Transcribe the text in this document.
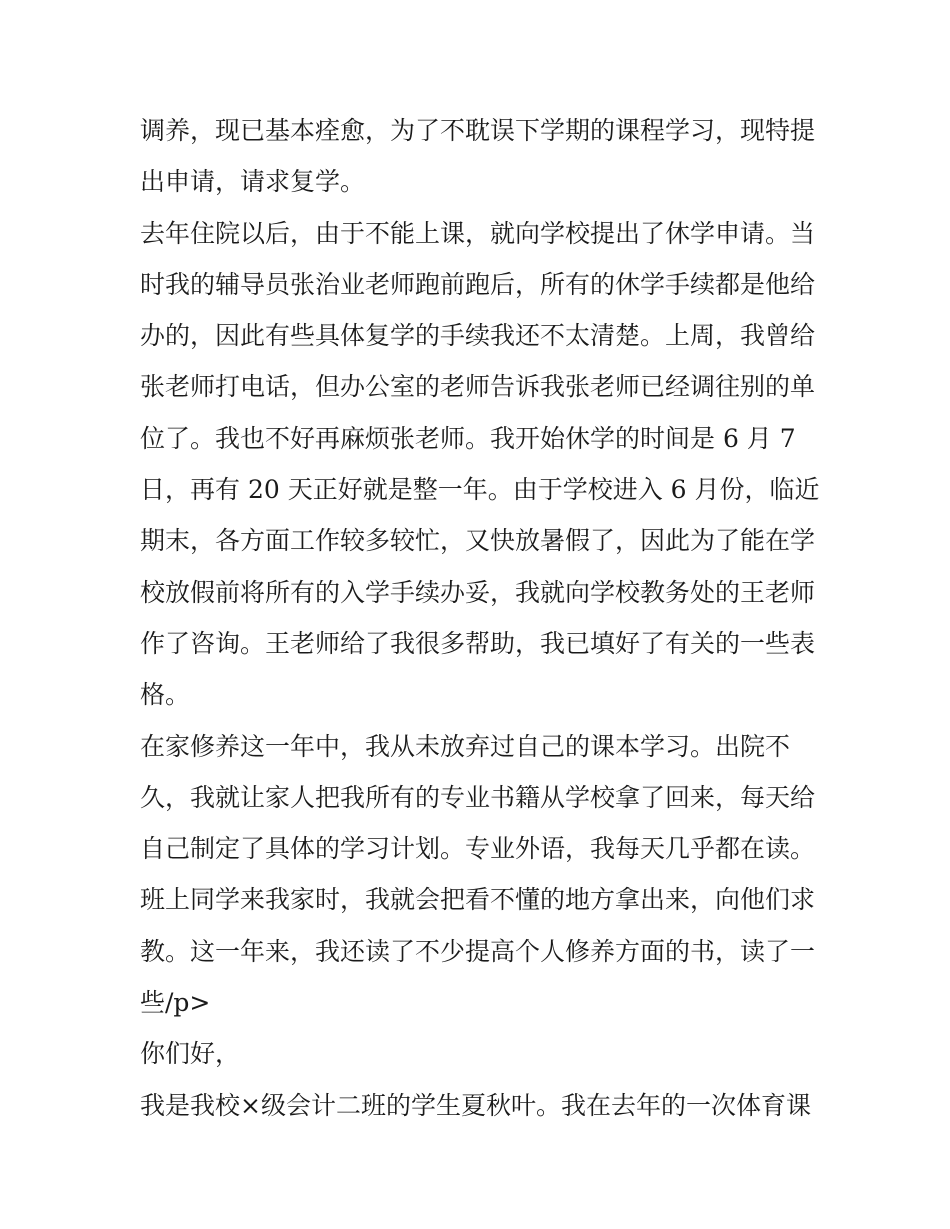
调养，现已基本痊愈，为了不耽误下学期的课程学习，现特提
出申请，请求复学。
去年住院以后，由于不能上课，就向学校提出了休学申请。当
时我的辅导员张治业老师跑前跑后，所有的休学手续都是他给
办的，因此有些具体复学的手续我还不太清楚。上周，我曾给
张老师打电话，但办公室的老师告诉我张老师已经调往别的单
位了。我也不好再麻烦张老师。我开始休学的时间是 6 月 7
日，再有 20 天正好就是整一年。由于学校进入 6 月份，临近
期末，各方面工作较多较忙，又快放暑假了，因此为了能在学
校放假前将所有的入学手续办妥，我就向学校教务处的王老师
作了咨询。王老师给了我很多帮助，我已填好了有关的一些表
格。
在家修养这一年中，我从未放弃过自己的课本学习。出院不
久，我就让家人把我所有的专业书籍从学校拿了回来，每天给
自己制定了具体的学习计划。专业外语，我每天几乎都在读。
班上同学来我家时，我就会把看不懂的地方拿出来，向他们求
教。这一年来，我还读了不少提高个人修养方面的书，读了一
些/p>
你们好，
我是我校×级会计二班的学生夏秋叶。我在去年的一次体育课
